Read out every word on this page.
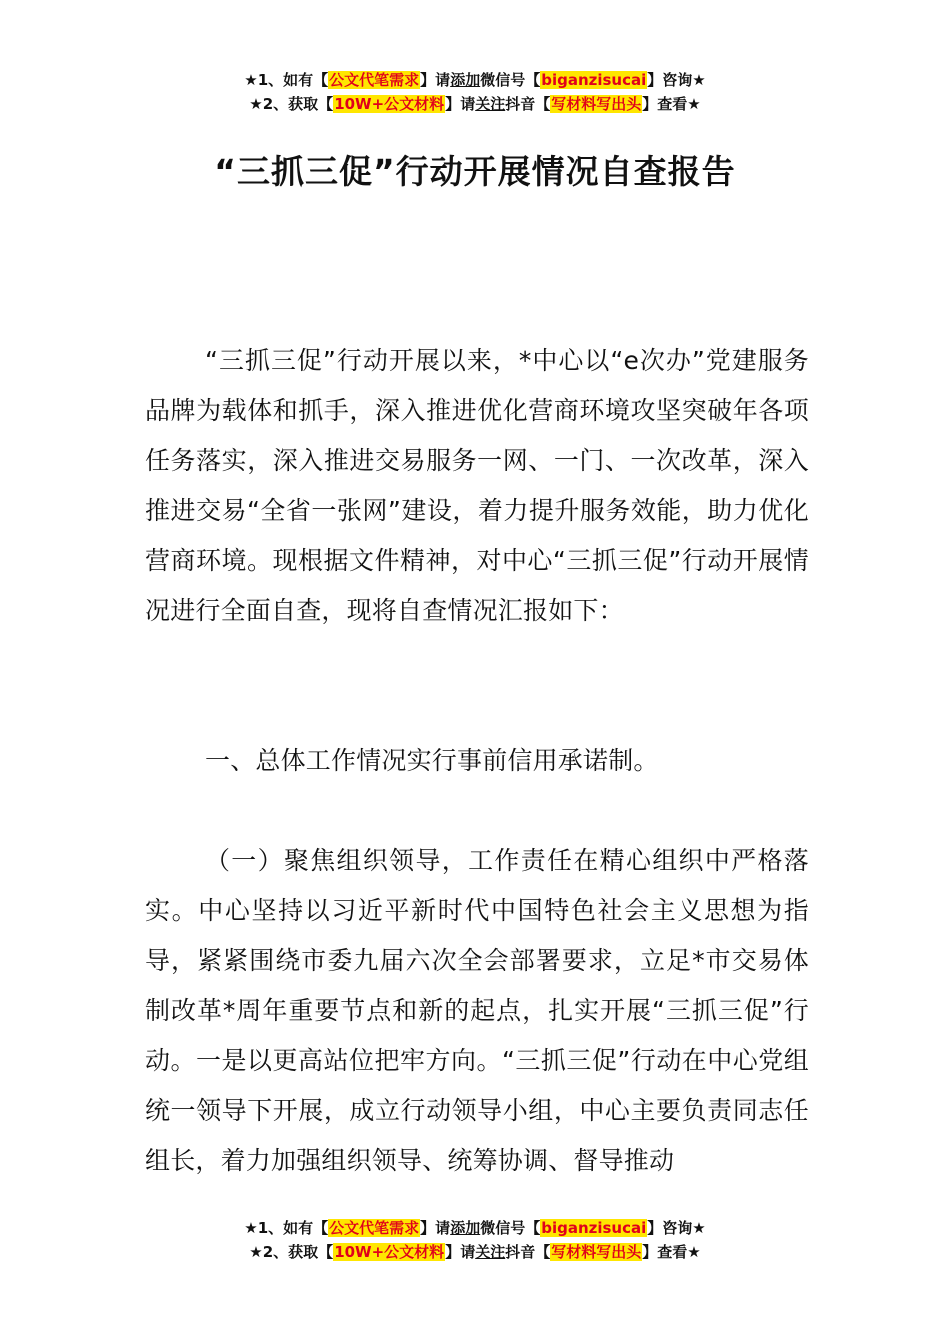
★1、如有【公文代笔需求】请添加微信号【biganzisucai】咨询★
★2、获取【10W+公文材料】请关注抖音【写材料写出头】查看★
“三抓三促”行动开展情况自查报告
“三抓三促”行动开展以来，*中心以“e次办”党建服务品牌为载体和抓手，深入推进优化营商环境攻坚突破年各项任务落实，深入推进交易服务一网、一门、一次改革，深入推进交易“全省一张网”建设，着力提升服务效能，助力优化营商环境。现根据文件精神，对中心“三抓三促”行动开展情况进行全面自查，现将自查情况汇报如下：
一、总体工作情况实行事前信用承诺制。
（一）聚焦组织领导，工作责任在精心组织中严格落实。中心坚持以习近平新时代中国特色社会主义思想为指导，紧紧围绕市委九届六次全会部署要求，立足*市交易体制改革*周年重要节点和新的起点，扎实开展“三抓三促”行动。一是以更高站位把牢方向。“三抓三促”行动在中心党组统一领导下开展，成立行动领导小组，中心主要负责同志任组长，着力加强组织领导、统筹协调、督导推动
★1、如有【公文代笔需求】请添加微信号【biganzisucai】咨询★
★2、获取【10W+公文材料】请关注抖音【写材料写出头】查看★
